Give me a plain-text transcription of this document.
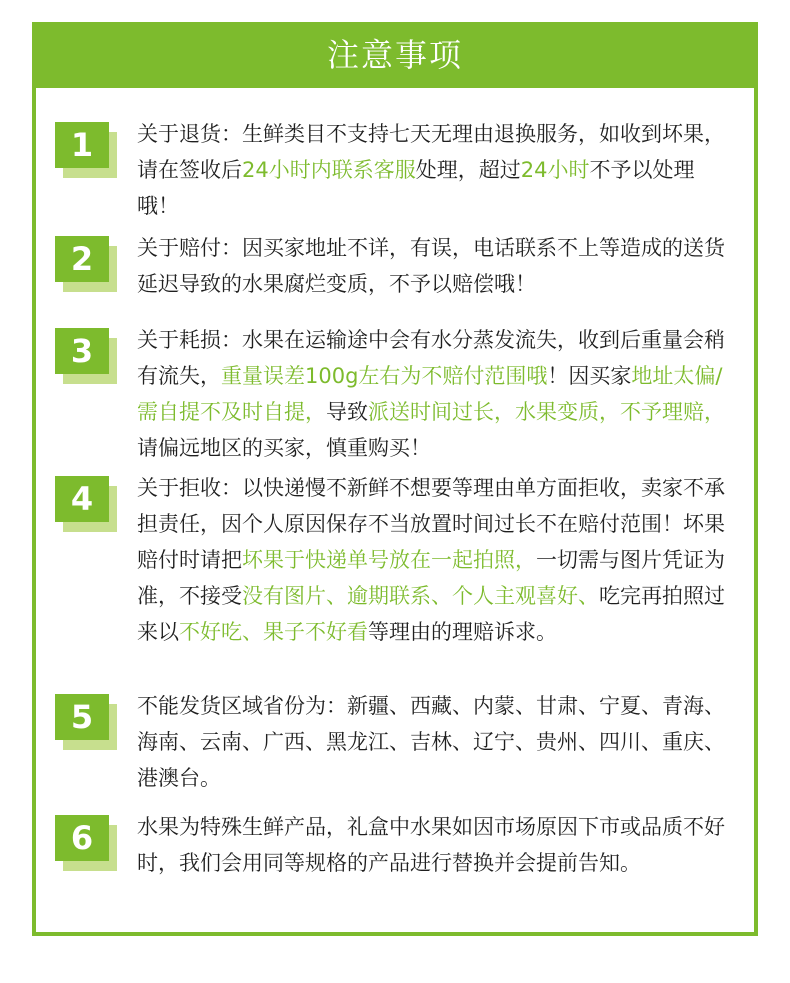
注意事项
1	关于退货：生鲜类目不支持七天无理由退换服务，如收到坏果，请在签收后24小时内联系客服处理，超过24小时不予以处理哦！
2	关于赔付：因买家地址不详，有误，电话联系不上等造成的送货延迟导致的水果腐烂变质，不予以赔偿哦！
3	关于耗损：水果在运输途中会有水分蒸发流失，收到后重量会稍有流失，重量误差100g左右为不赔付范围哦！因买家地址太偏/需自提不及时自提，导致派送时间过长，水果变质，不予理赔，请偏远地区的买家，慎重购买！
4	关于拒收：以快递慢不新鲜不想要等理由单方面拒收，卖家不承担责任，因个人原因保存不当放置时间过长不在赔付范围！坏果赔付时请把坏果于快递单号放在一起拍照，一切需与图片凭证为准，不接受没有图片、逾期联系、个人主观喜好、吃完再拍照过来以不好吃、果子不好看等理由的理赔诉求。
5	不能发货区域省份为：新疆、西藏、内蒙、甘肃、宁夏、青海、海南、云南、广西、黑龙江、吉林、辽宁、贵州、四川、重庆、港澳台。
6	水果为特殊生鲜产品，礼盒中水果如因市场原因下市或品质不好时，我们会用同等规格的产品进行替换并会提前告知。
